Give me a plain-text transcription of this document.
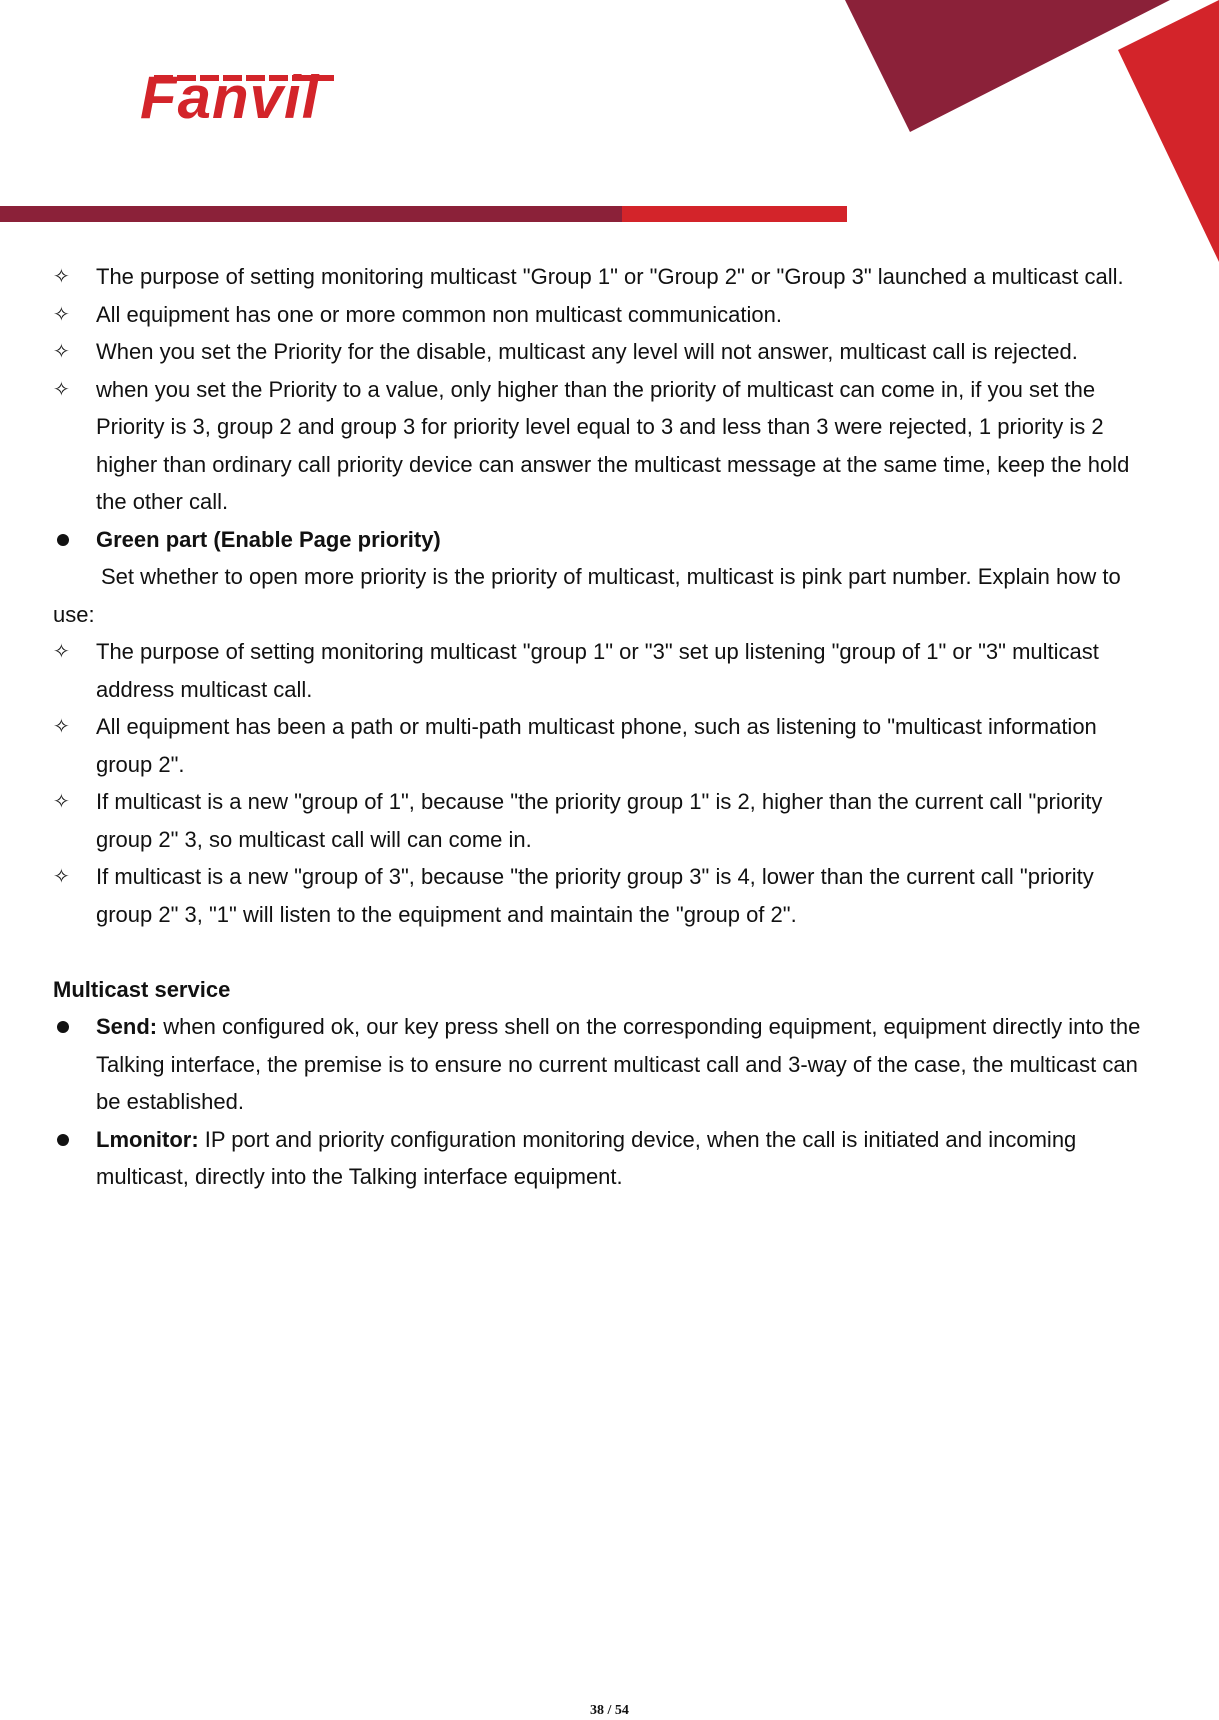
Fanvil
✧	The purpose of setting monitoring multicast "Group 1" or "Group 2" or "Group 3" launched a multicast call.
✧	All equipment has one or more common non multicast communication.
✧	When you set the Priority for the disable, multicast any level will not answer, multicast call is rejected.
✧	when you set the Priority to a value, only higher than the priority of multicast can come in, if you set the Priority is 3, group 2 and group 3 for priority level equal to 3 and less than 3 were rejected, 1 priority is 2 higher than ordinary call priority device can answer the multicast message at the same time, keep the hold the other call.
Green part (Enable Page priority)
Set whether to open more priority is the priority of multicast, multicast is pink part number. Explain how to use:
✧	The purpose of setting monitoring multicast "group 1" or "3" set up listening "group of 1" or "3" multicast address multicast call.
✧	All equipment has been a path or multi-path multicast phone, such as listening to "multicast information group 2".
✧	If multicast is a new "group of 1", because "the priority group 1" is 2, higher than the current call "priority group 2" 3, so multicast call will can come in.
✧	If multicast is a new "group of 3", because "the priority group 3" is 4, lower than the current call "priority group 2" 3, "1" will listen to the equipment and maintain the "group of 2".
Multicast service
Send: when configured ok, our key press shell on the corresponding equipment, equipment directly into the Talking interface, the premise is to ensure no current multicast call and 3-way of the case, the multicast can be established.
Lmonitor: IP port and priority configuration monitoring device, when the call is initiated and incoming multicast, directly into the Talking interface equipment.
38 / 54
